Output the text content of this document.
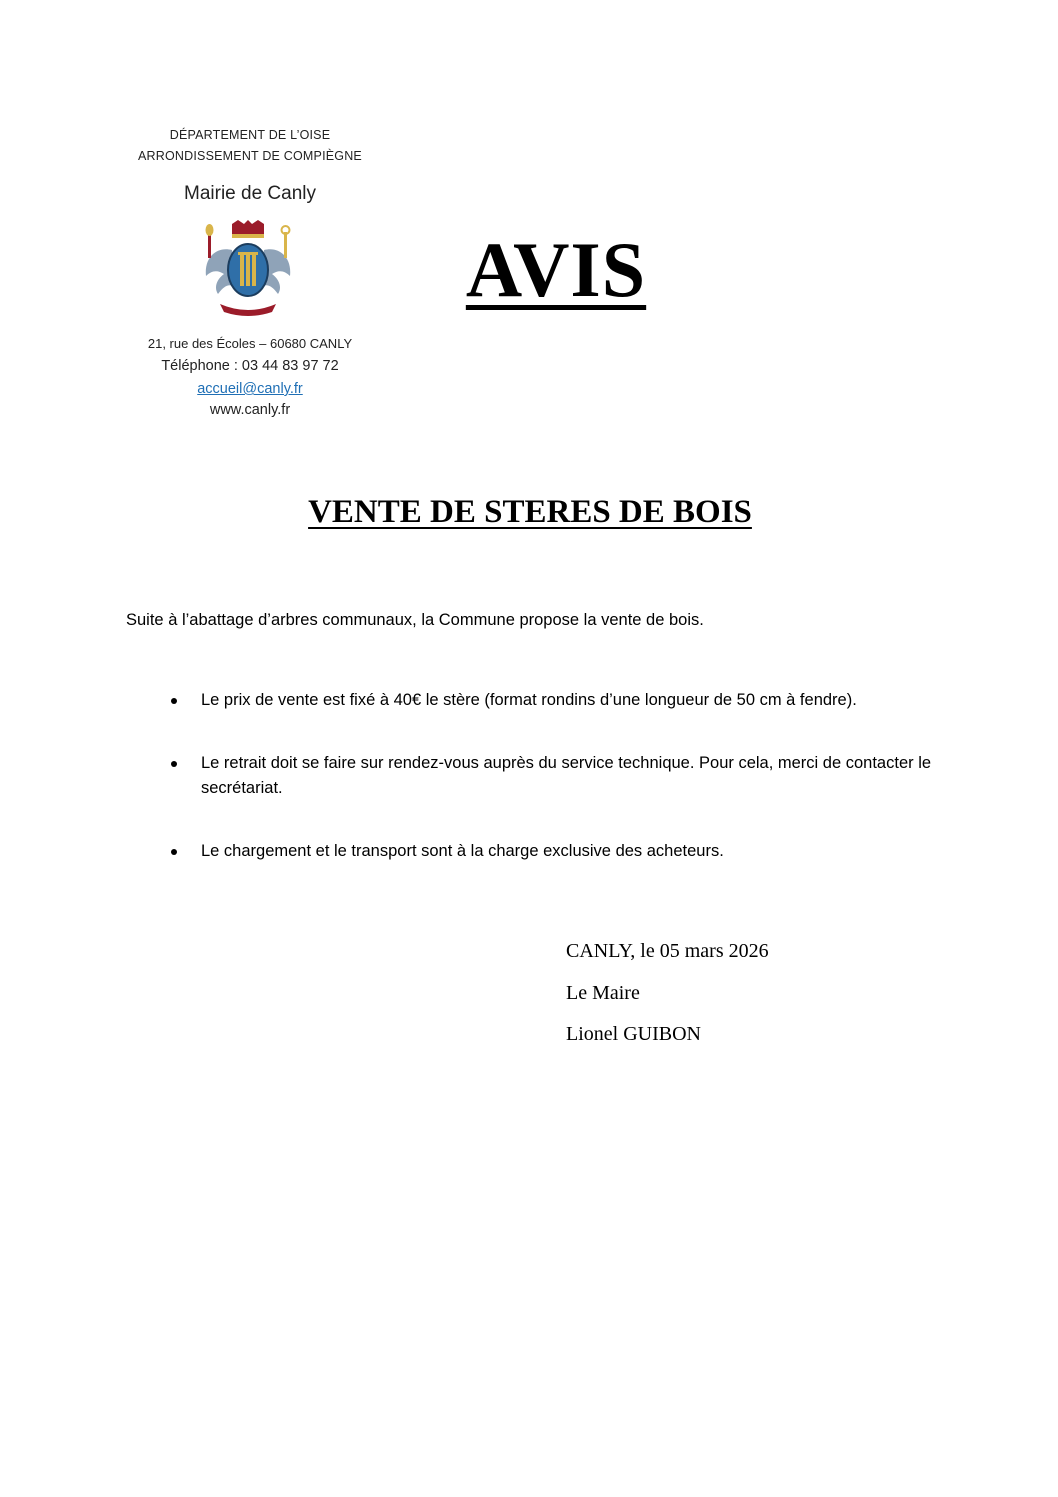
DÉPARTEMENT DE L’OISE
ARRONDISSEMENT DE COMPIÈGNE
Mairie de Canly
21, rue des Écoles – 60680 CANLY
Téléphone : 03 44 83 97 72
accueil@canly.fr
www.canly.fr
AVIS
VENTE DE STERES DE BOIS

Suite à l’abattage d’arbres communaux, la Commune propose la vente de bois.

Le prix de vente est fixé à 40€ le stère (format rondins d’une longueur de 50 cm à fendre).
Le retrait doit se faire sur rendez-vous auprès du service technique. Pour cela, merci de contacter le secrétariat.
Le chargement et le transport sont à la charge exclusive des acheteurs.
CANLY, le 05 mars 2026
Le Maire
Lionel GUIBON
